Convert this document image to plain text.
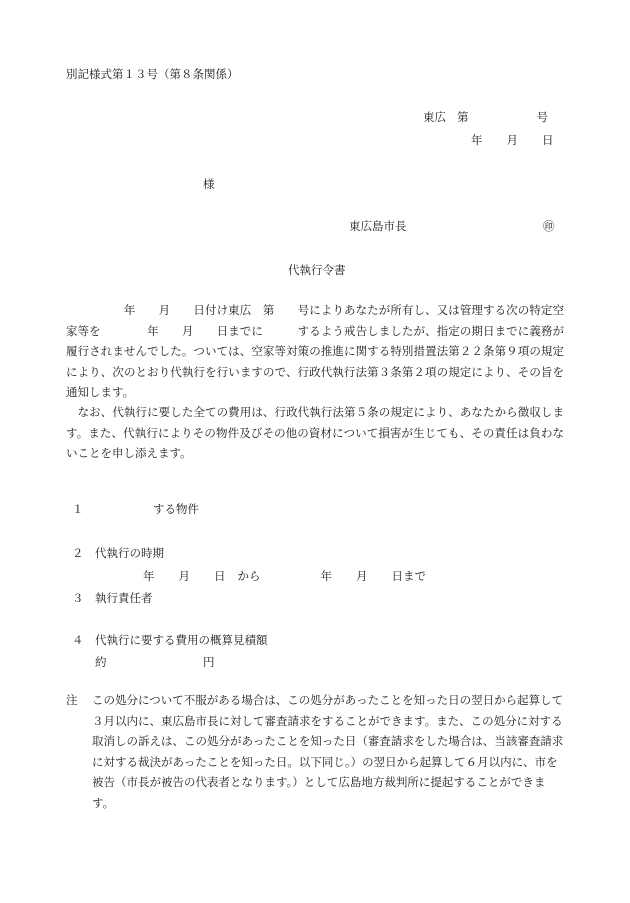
別記様式第１３号（第８条関係）
東広 第	号
年 月 日
様
東広島市長	㊞
代執行令書
　　　　　年　　月　　日付け東広　第　　号によりあなたが所有し、又は管理する次の特定空家等を　　　　年　　月　　日までに　　　するよう戒告しましたが、指定の期日までに義務が履行されませんでした。ついては、空家等対策の推進に関する特別措置法第２２条第９項の規定により、次のとおり代執行を行いますので、行政代執行法第３条第２項の規定により、その旨を通知します。
　なお、代執行に要した全ての費用は、行政代執行法第５条の規定により、あなたから徴収します。また、代執行によりその物件及びその他の資材について損害が生じても、その責任は負わないことを申し添えます。
１	する物件
２ 代執行の時期
年 月 日 から	年 月 日まで
３ 執行責任者
４ 代執行に要する費用の概算見積額
約	円
注	この処分について不服がある場合は、この処分があったことを知った日の翌日から起算して３月以内に、東広島市長に対して審査請求をすることができます。また、この処分に対する取消しの訴えは、この処分があったことを知った日（審査請求をした場合は、当該審査請求に対する裁決があったことを知った日。以下同じ。）の翌日から起算して６月以内に、市を被告（市長が被告の代表者となります。）として広島地方裁判所に提起することができます。
